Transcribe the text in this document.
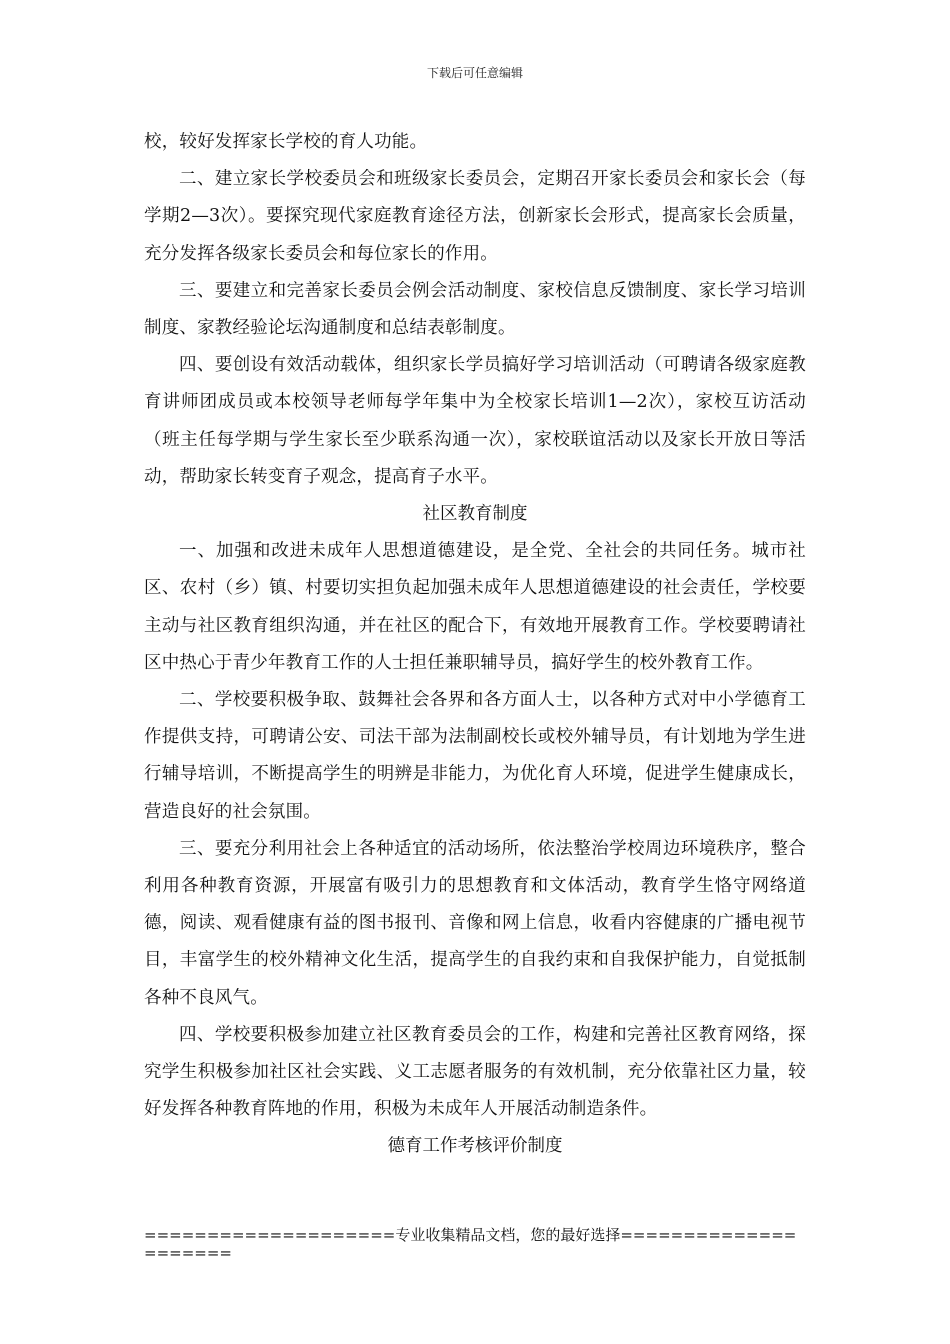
下载后可任意编辑

校，较好发挥家长学校的育人功能。

二、建立家长学校委员会和班级家长委员会，定期召开家长委员会和家长会（每学期2—3次）。要探究现代家庭教育途径方法，创新家长会形式，提高家长会质量，充分发挥各级家长委员会和每位家长的作用。

三、要建立和完善家长委员会例会活动制度、家校信息反馈制度、家长学习培训制度、家教经验论坛沟通制度和总结表彰制度。

四、要创设有效活动载体，组织家长学员搞好学习培训活动（可聘请各级家庭教育讲师团成员或本校领导老师每学年集中为全校家长培训1—2次），家校互访活动（班主任每学期与学生家长至少联系沟通一次），家校联谊活动以及家长开放日等活动，帮助家长转变育子观念，提高育子水平。

社区教育制度

一、加强和改进未成年人思想道德建设，是全党、全社会的共同任务。城市社区、农村（乡）镇、村要切实担负起加强未成年人思想道德建设的社会责任，学校要主动与社区教育组织沟通，并在社区的配合下，有效地开展教育工作。学校要聘请社区中热心于青少年教育工作的人士担任兼职辅导员，搞好学生的校外教育工作。

二、学校要积极争取、鼓舞社会各界和各方面人士，以各种方式对中小学德育工作提供支持，可聘请公安、司法干部为法制副校长或校外辅导员，有计划地为学生进行辅导培训，不断提高学生的明辨是非能力，为优化育人环境，促进学生健康成长，营造良好的社会氛围。

三、要充分利用社会上各种适宜的活动场所，依法整治学校周边环境秩序，整合利用各种教育资源，开展富有吸引力的思想教育和文体活动，教育学生恪守网络道德，阅读、观看健康有益的图书报刊、音像和网上信息，收看内容健康的广播电视节目，丰富学生的校外精神文化生活，提高学生的自我约束和自我保护能力，自觉抵制各种不良风气。

四、学校要积极参加建立社区教育委员会的工作，构建和完善社区教育网络，探究学生积极参加社区社会实践、义工志愿者服务的有效机制，充分依靠社区力量，较好发挥各种教育阵地的作用，积极为未成年人开展活动制造条件。

德育工作考核评价制度

====================专业收集精品文档，您的最好选择=====================
